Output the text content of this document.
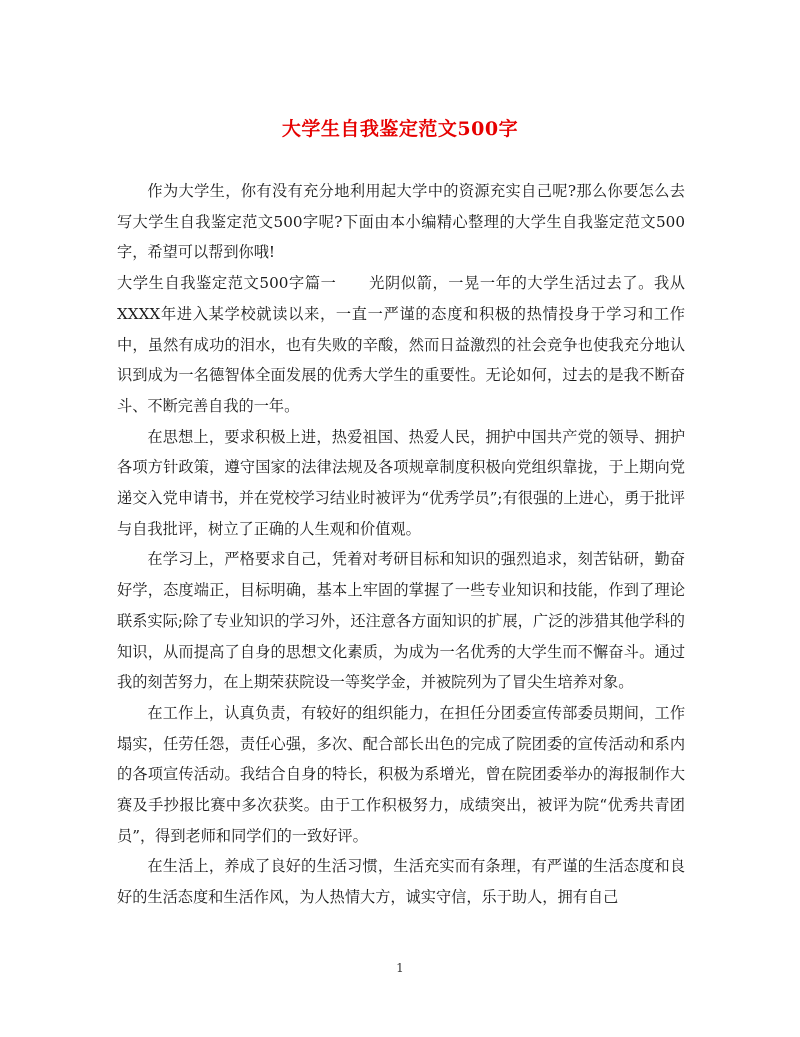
大学生自我鉴定范文500字

作为大学生，你有没有充分地利用起大学中的资源充实自己呢?那么你要怎么去写大学生自我鉴定范文500字呢?下面由本小编精心整理的大学生自我鉴定范文500字，希望可以帮到你哦!

大学生自我鉴定范文500字篇一 光阴似箭，一晃一年的大学生活过去了。我从XXXX年进入某学校就读以来，一直一严谨的态度和积极的热情投身于学习和工作中，虽然有成功的泪水，也有失败的辛酸，然而日益激烈的社会竞争也使我充分地认识到成为一名德智体全面发展的优秀大学生的重要性。无论如何，过去的是我不断奋斗、不断完善自我的一年。

在思想上，要求积极上进，热爱祖国、热爱人民，拥护中国共产党的领导、拥护各项方针政策，遵守国家的法律法规及各项规章制度积极向党组织靠拢，于上期向党递交入党申请书，并在党校学习结业时被评为“优秀学员”;有很强的上进心，勇于批评与自我批评，树立了正确的人生观和价值观。

在学习上，严格要求自己，凭着对考研目标和知识的强烈追求，刻苦钻研，勤奋好学，态度端正，目标明确，基本上牢固的掌握了一些专业知识和技能，作到了理论联系实际;除了专业知识的学习外，还注意各方面知识的扩展，广泛的涉猎其他学科的知识，从而提高了自身的思想文化素质，为成为一名优秀的大学生而不懈奋斗。通过我的刻苦努力，在上期荣获院设一等奖学金，并被院列为了冒尖生培养对象。

在工作上，认真负责，有较好的组织能力，在担任分团委宣传部委员期间，工作塌实，任劳任怨，责任心强，多次、配合部长出色的完成了院团委的宣传活动和系内的各项宣传活动。我结合自身的特长，积极为系增光，曾在院团委举办的海报制作大赛及手抄报比赛中多次获奖。由于工作积极努力，成绩突出，被评为院“优秀共青团员”，得到老师和同学们的一致好评。

在生活上，养成了良好的生活习惯，生活充实而有条理，有严谨的生活态度和良好的生活态度和生活作风，为人热情大方，诚实守信，乐于助人，拥有自己

1
